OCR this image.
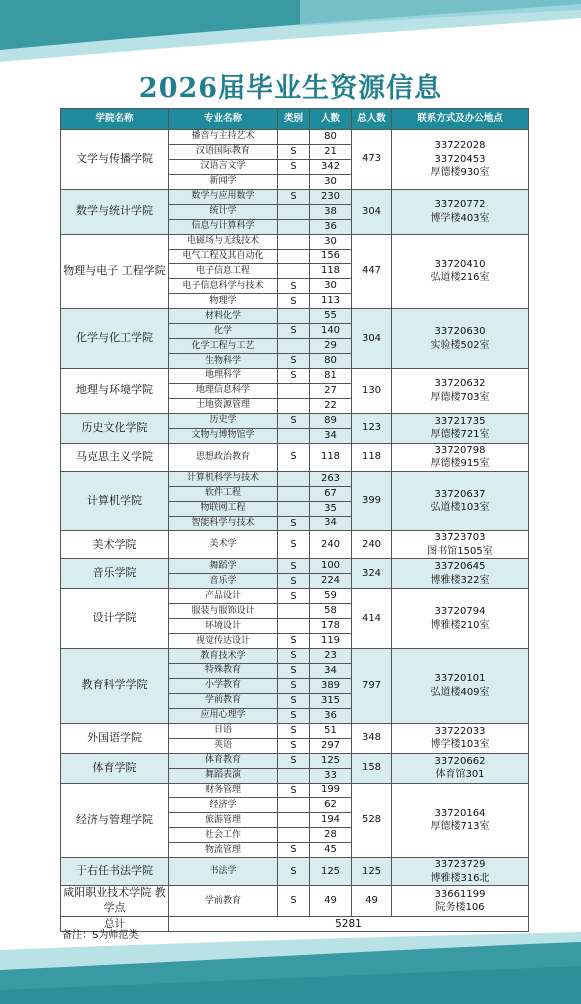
2026届毕业生资源信息
学院名称	专业名称	类别	人数	总人数	联系方式及办公地点
文学与传播学院	播音与主持艺术		80	473	33722028
33720453
厚德楼930室

	汉语国际教育	S	21		
	汉语言文学	S	342		
	新闻学		30		
数学与统计学院	数学与应用数学	S	230	304	33720772
博学楼403室

	统计学		38		
	信息与计算科学		36		
物理与电子 工程学院	电磁场与无线技术		30	447	33720410
弘道楼216室

	电气工程及其自动化		156		
	电子信息工程		118		
	电子信息科学与技术	S	30		
	物理学	S	113		
化学与化工学院	材料化学		55	304	33720630
实验楼502室

	化学	S	140		
	化学工程与工艺		29		
	生物科学	S	80		
地理与环境学院	地理科学	S	81	130	33720632
厚德楼703室

	地理信息科学		27		
	土地资源管理		22		
历史文化学院	历史学	S	89	123	33721735
厚德楼721室

	文物与博物馆学		34		
马克思主义学院	思想政治教育	S	118	118	33720798
厚德楼915室

计算机学院	计算机科学与技术		263	399	33720637
弘道楼103室

	软件工程		67		
	物联网工程		35		
	智能科学与技术	S	34		
美术学院	美术学	S	240	240	33723703
图书馆1505室

音乐学院	舞蹈学	S	100	324	33720645
博雅楼322室

	音乐学	S	224		
设计学院	产品设计	S	59	414	33720794
博雅楼210室

	服装与服饰设计		58		
	环境设计		178		
	视觉传达设计	S	119		
教育科学学院	教育技术学	S	23	797	33720101
弘道楼409室

	特殊教育	S	34		
	小学教育	S	389		
	学前教育	S	315		
	应用心理学	S	36		
外国语学院	日语	S	51	348	33722033
博学楼103室

	英语	S	297		
体育学院	体育教育	S	125	158	33720662
体育馆301

	舞蹈表演		33		
经济与管理学院	财务管理	S	199	528	33720164
厚德楼713室

	经济学		62		
	旅游管理		194		
	社会工作		28		
	物流管理	S	45		
于右任书法学院	书法学	S	125	125	33723729
博雅楼316北

咸阳职业技术学院 教学点	学前教育	S	49	49	33661199
院务楼106

总计	5281				
备注：S为师范类
